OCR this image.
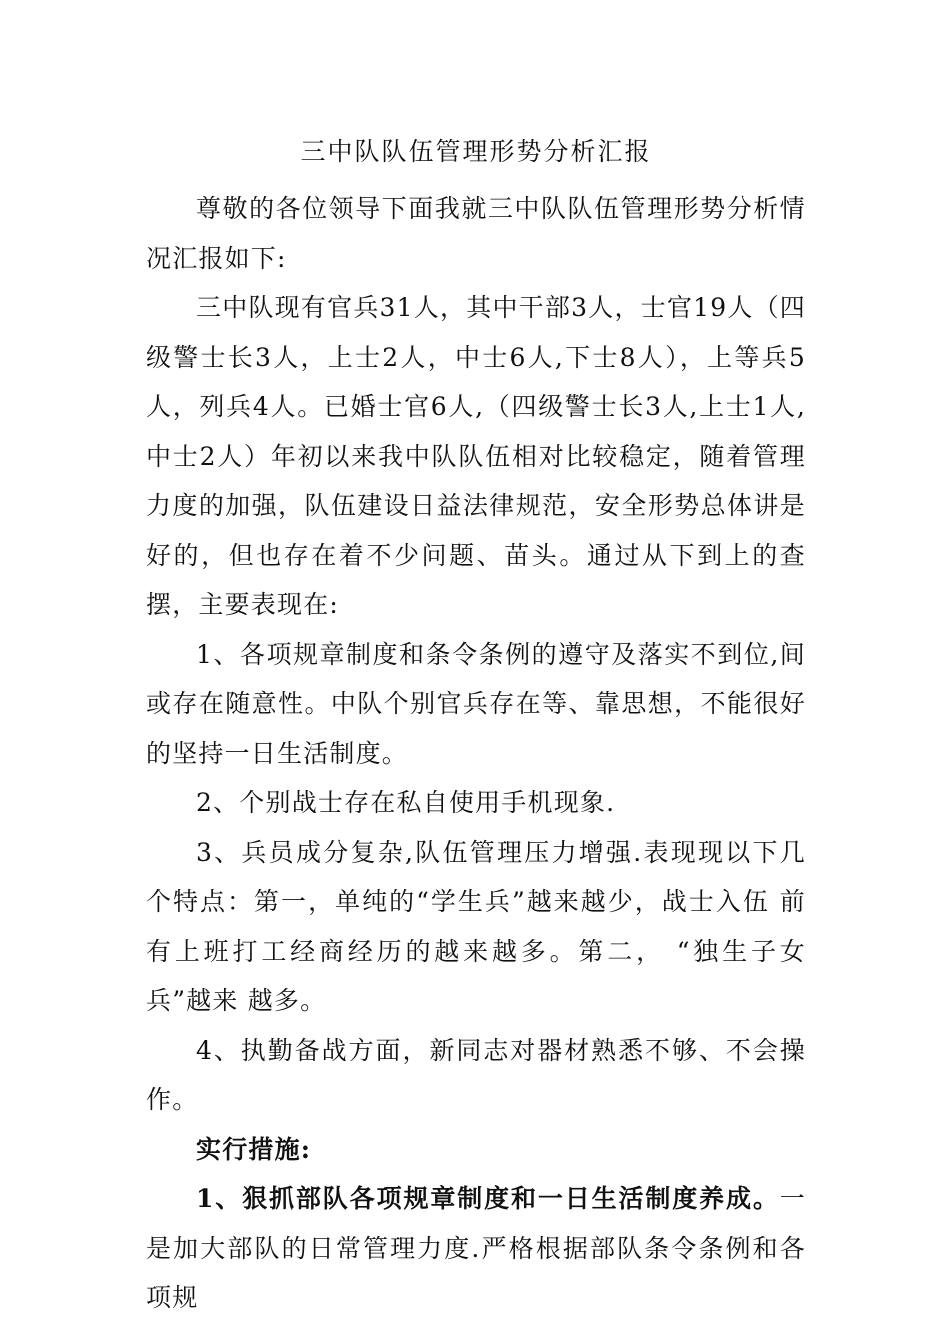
三中队队伍管理形势分析汇报

尊敬的各位领导下面我就三中队队伍管理形势分析情况汇报如下:

三中队现有官兵31人，其中干部3人，士官19人（四级警士长3人，上士2人，中士6人,下士8人），上等兵5人，列兵4人。已婚士官6人,（四级警士长3人,上士1人,中士2人）年初以来我中队队伍相对比较稳定，随着管理力度的加强，队伍建设日益法律规范，安全形势总体讲是好的，但也存在着不少问题、苗头。通过从下到上的查摆，主要表现在:

1、各项规章制度和条令条例的遵守及落实不到位,间或存在随意性。中队个别官兵存在等、靠思想，不能很好的坚持一日生活制度。

2、个别战士存在私自使用手机现象.

3、兵员成分复杂,队伍管理压力增强.表现现以下几个特点：第一，单纯的“学生兵”越来越少，战士入伍 前有上班打工经商经历的越来越多。第二， “独生子女兵”越来 越多。

4、执勤备战方面，新同志对器材熟悉不够、不会操作。

实行措施:

1、狠抓部队各项规章制度和一日生活制度养成。一是加大部队的日常管理力度.严格根据部队条令条例和各项规
